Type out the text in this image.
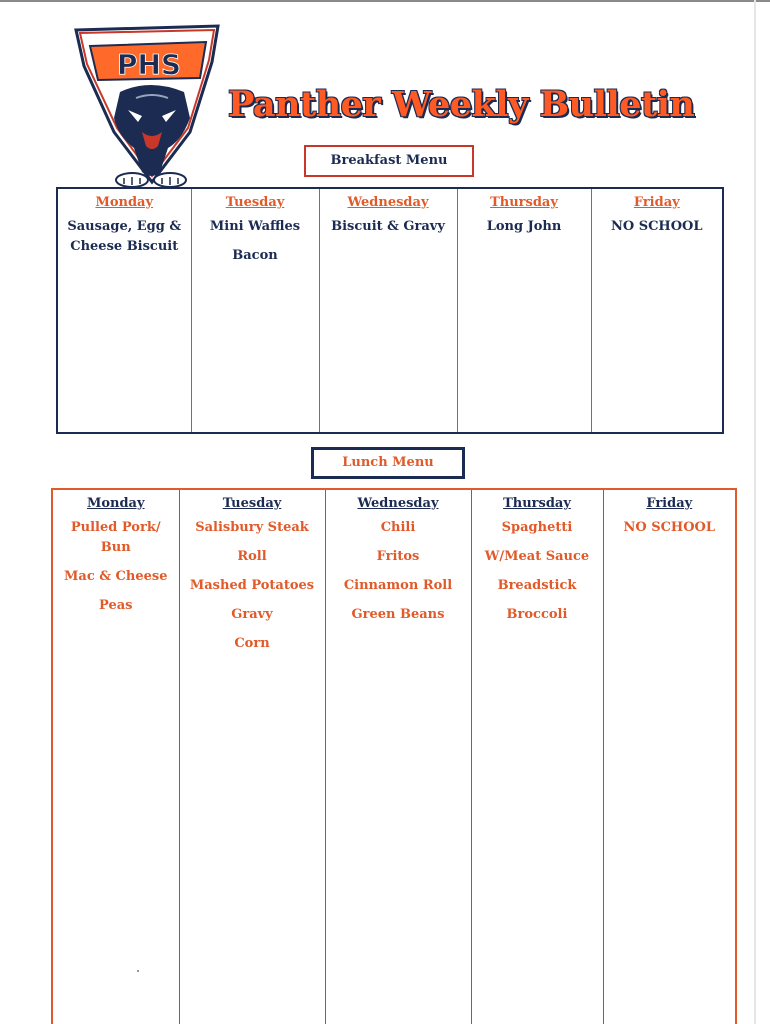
PHS
Panther Weekly Bulletin
Breakfast Menu
Monday
Sausage, Egg & Cheese Biscuit

Tuesday
Mini Waffles
Bacon

Wednesday
Biscuit & Gravy

Thursday
Long John

Friday
NO SCHOOL
Lunch Menu
Monday
Pulled Pork/ Bun
Mac & Cheese
Peas

Tuesday
Salisbury Steak
Roll
Mashed Potatoes
Gravy
Corn

Wednesday
Chili
Fritos
Cinnamon Roll
Green Beans

Thursday
Spaghetti
W/Meat Sauce
Breadstick
Broccoli

Friday
NO SCHOOL
